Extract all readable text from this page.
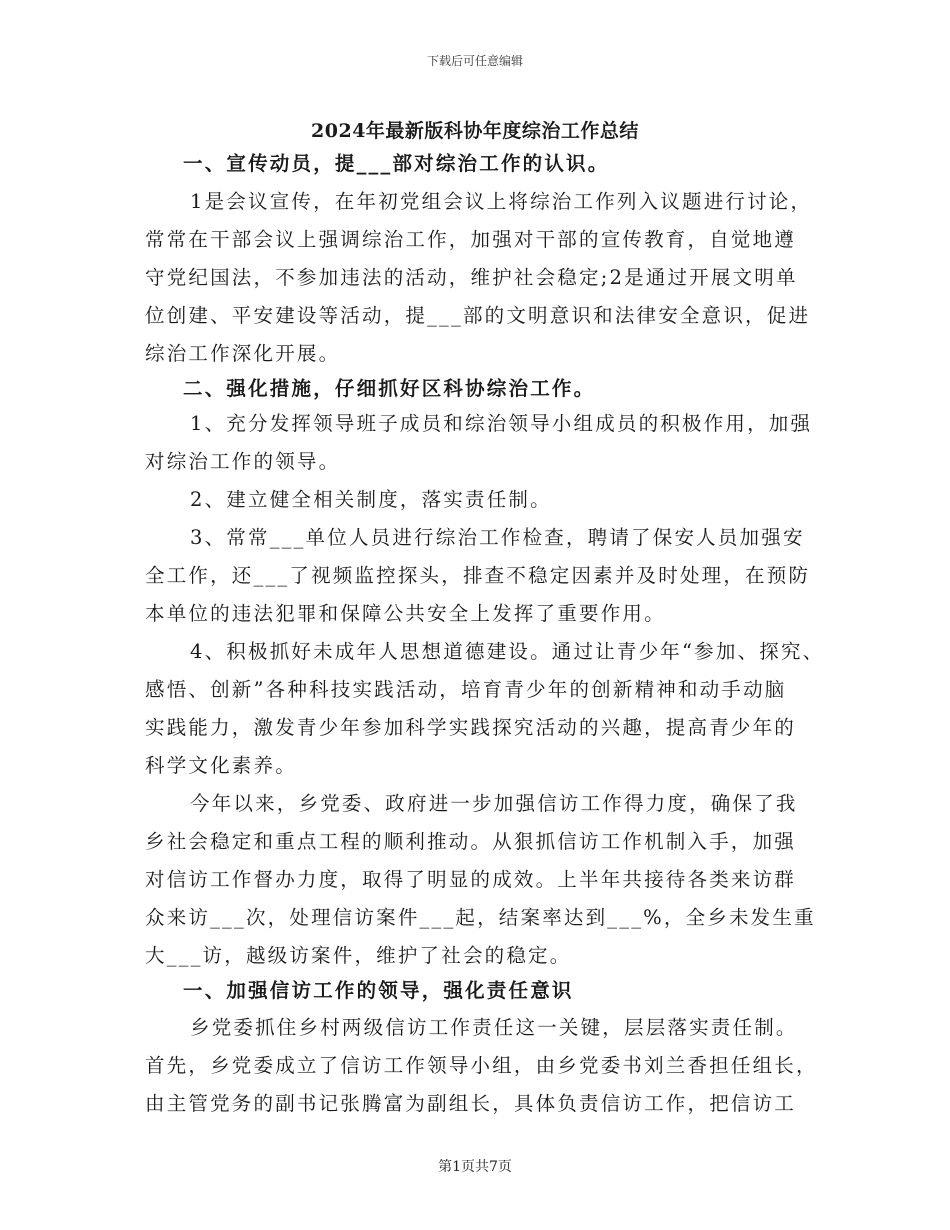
下载后可任意编辑
2024年最新版科协年度综治工作总结
一、宣传动员，提___部对综治工作的认识。
1是会议宣传，在年初党组会议上将综治工作列入议题进行讨论，
常常在干部会议上强调综治工作，加强对干部的宣传教育，自觉地遵
守党纪国法，不参加违法的活动，维护社会稳定;2是通过开展文明单
位创建、平安建设等活动，提___部的文明意识和法律安全意识，促进
综治工作深化开展。
二、强化措施，仔细抓好区科协综治工作。
1、充分发挥领导班子成员和综治领导小组成员的积极作用，加强
对综治工作的领导。
2、建立健全相关制度，落实责任制。
3、常常___单位人员进行综治工作检查，聘请了保安人员加强安
全工作，还___了视频监控探头，排查不稳定因素并及时处理，在预防
本单位的违法犯罪和保障公共安全上发挥了重要作用。
4、积极抓好未成年人思想道德建设。通过让青少年“参加、探究、
感悟、创新”各种科技实践活动，培育青少年的创新精神和动手动脑
实践能力，激发青少年参加科学实践探究活动的兴趣，提高青少年的
科学文化素养。
今年以来，乡党委、政府进一步加强信访工作得力度，确保了我
乡社会稳定和重点工程的顺利推动。从狠抓信访工作机制入手，加强
对信访工作督办力度，取得了明显的成效。上半年共接待各类来访群
众来访___次，处理信访案件___起，结案率达到___%，全乡未发生重
大___访，越级访案件，维护了社会的稳定。
一、加强信访工作的领导，强化责任意识
乡党委抓住乡村两级信访工作责任这一关键，层层落实责任制。
首先，乡党委成立了信访工作领导小组，由乡党委书刘兰香担任组长，
由主管党务的副书记张腾富为副组长，具体负责信访工作，把信访工
第1页共7页
